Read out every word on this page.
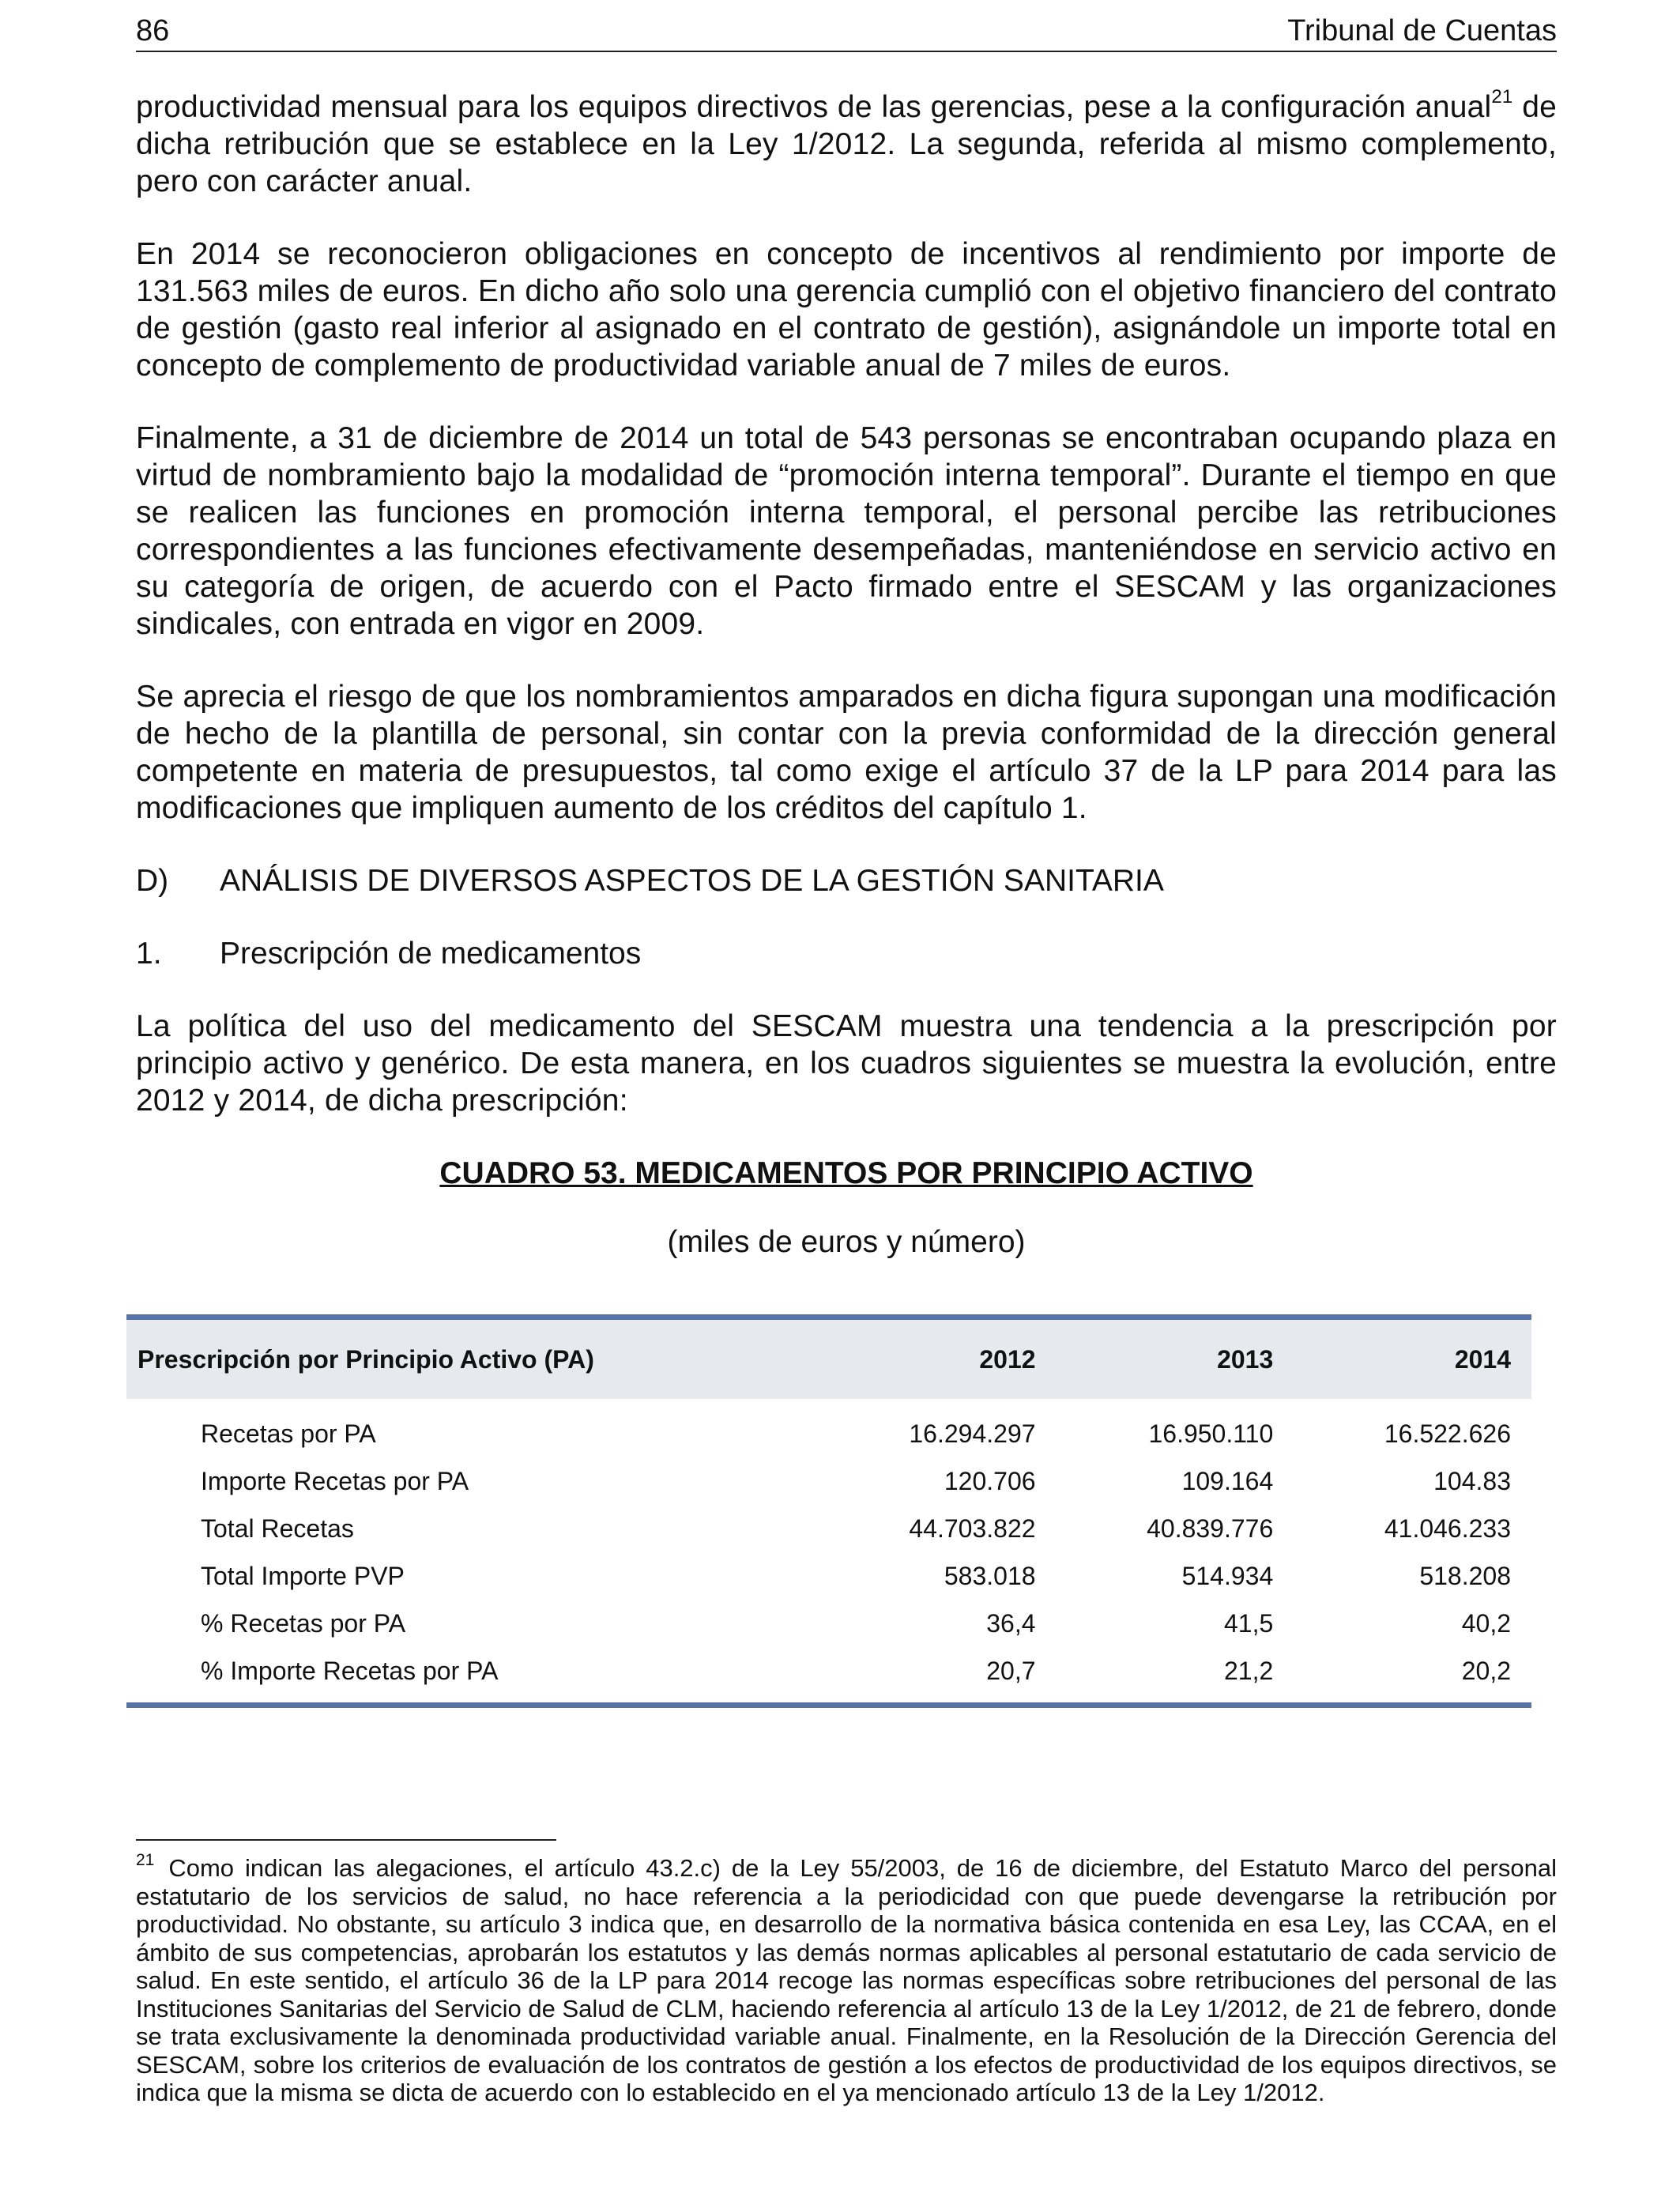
86	Tribunal de Cuentas

productividad mensual para los equipos directivos de las gerencias, pese a la configuración anual$^{21}$ de dicha retribución que se establece en la Ley 1/2012. La segunda, referida al mismo complemento, pero con carácter anual.

En 2014 se reconocieron obligaciones en concepto de incentivos al rendimiento por importe de 131.563 miles de euros. En dicho año solo una gerencia cumplió con el objetivo financiero del contrato de gestión (gasto real inferior al asignado en el contrato de gestión), asignándole un importe total en concepto de complemento de productividad variable anual de 7 miles de euros.

Finalmente, a 31 de diciembre de 2014 un total de 543 personas se encontraban ocupando plaza en virtud de nombramiento bajo la modalidad de “promoción interna temporal”. Durante el tiempo en que se realicen las funciones en promoción interna temporal, el personal percibe las retribuciones correspondientes a las funciones efectivamente desempeñadas, manteniéndose en servicio activo en su categoría de origen, de acuerdo con el Pacto firmado entre el SESCAM y las organizaciones sindicales, con entrada en vigor en 2009.

Se aprecia el riesgo de que los nombramientos amparados en dicha figura supongan una modificación de hecho de la plantilla de personal, sin contar con la previa conformidad de la dirección general competente en materia de presupuestos, tal como exige el artículo 37 de la LP para 2014 para las modificaciones que impliquen aumento de los créditos del capítulo 1.

D)	ANÁLISIS DE DIVERSOS ASPECTOS DE LA GESTIÓN SANITARIA
1.	Prescripción de medicamentos

La política del uso del medicamento del SESCAM muestra una tendencia a la prescripción por principio activo y genérico. De esta manera, en los cuadros siguientes se muestra la evolución, entre 2012 y 2014, de dicha prescripción:

CUADRO 53. MEDICAMENTOS POR PRINCIPIO ACTIVO
(miles de euros y número)
Prescripción por Principio Activo (PA)	2012	2013	2014
Recetas por PA	16.294.297	16.950.110	16.522.626
Importe Recetas por PA	120.706	109.164	104.83
Total Recetas	44.703.822	40.839.776	41.046.233
Total Importe PVP	583.018	514.934	518.208
% Recetas por PA	36,4	41,5	40,2
% Importe Recetas por PA	20,7	21,2	20,2
$^{21}$ Como indican las alegaciones, el artículo 43.2.c) de la Ley 55/2003, de 16 de diciembre, del Estatuto Marco del personal estatutario de los servicios de salud, no hace referencia a la periodicidad con que puede devengarse la retribución por productividad. No obstante, su artículo 3 indica que, en desarrollo de la normativa básica contenida en esa Ley, las CCAA, en el ámbito de sus competencias, aprobarán los estatutos y las demás normas aplicables al personal estatutario de cada servicio de salud. En este sentido, el artículo 36 de la LP para 2014 recoge las normas específicas sobre retribuciones del personal de las Instituciones Sanitarias del Servicio de Salud de CLM, haciendo referencia al artículo 13 de la Ley 1/2012, de 21 de febrero, donde se trata exclusivamente la denominada productividad variable anual. Finalmente, en la Resolución de la Dirección Gerencia del SESCAM, sobre los criterios de evaluación de los contratos de gestión a los efectos de productividad de los equipos directivos, se indica que la misma se dicta de acuerdo con lo establecido en el ya mencionado artículo 13 de la Ley 1/2012.
